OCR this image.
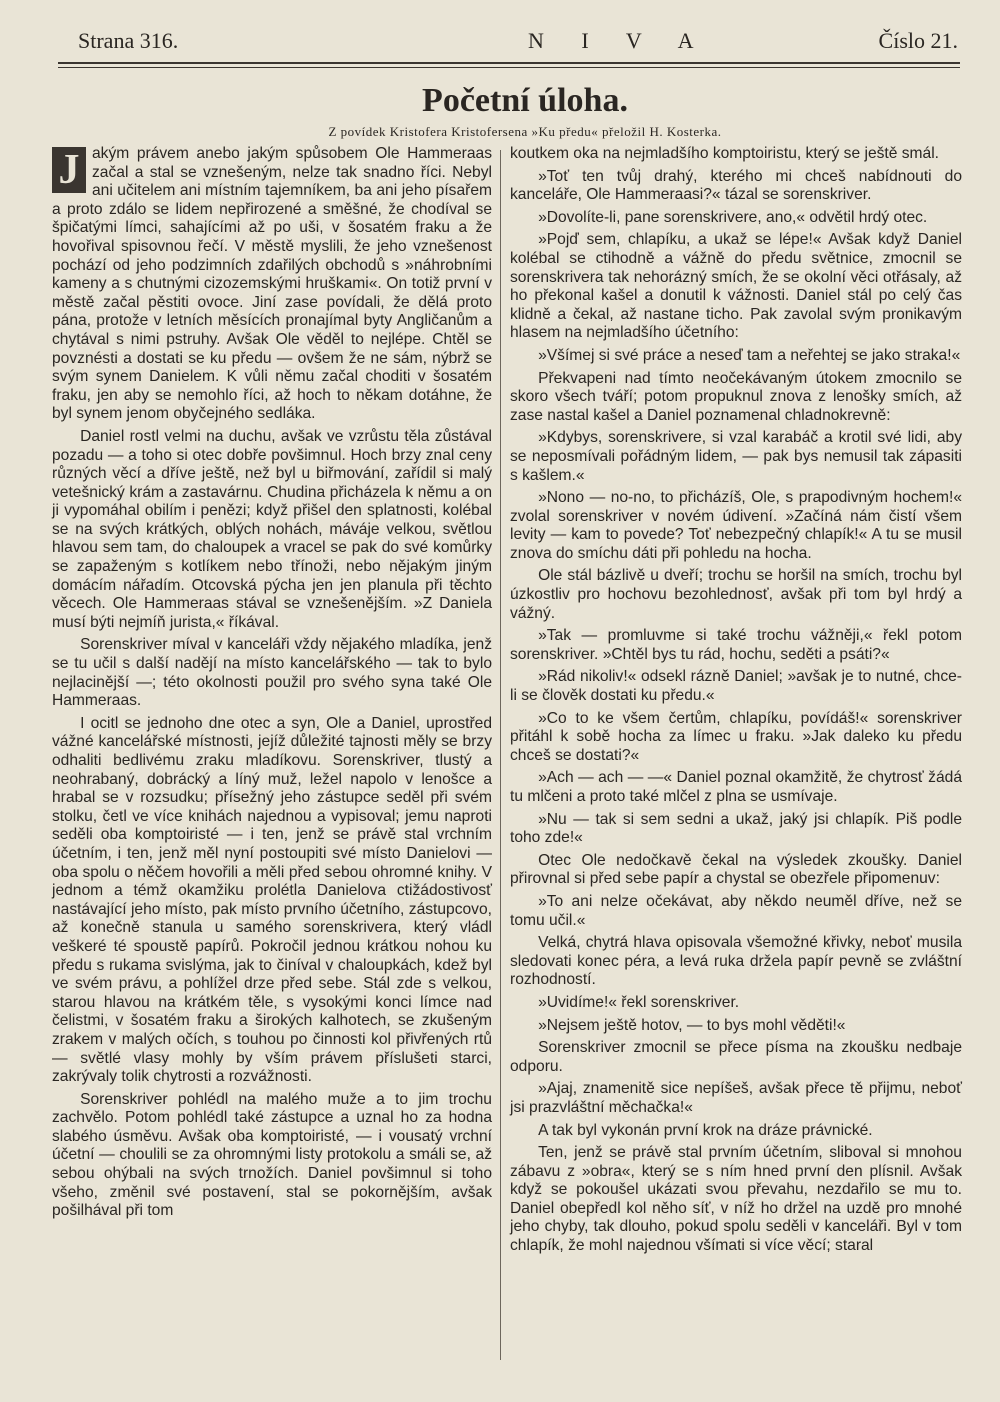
Strana 316.	N I V A	Číslo 21.
Početní úloha.
Z povídek Kristofera Kristofersena »Ku předu« přeložil H. Kosterka.

J akým právem anebo jakým spůsobem Ole Hammeraas začal a stal se vznešeným, nelze tak snadno říci. Nebyl ani učitelem ani místním tajemníkem, ba ani jeho písařem a proto zdálo se lidem nepřirozené a směšné, že chodíval se špičatými límci, sahajícími až po uši, v šosatém fraku a že hovořival spisovnou řečí. V městě myslili, že jeho vznešenost pochází od jeho podzimních zdařilých obchodů s »náhrobními kameny a s chutnými cizozemskými hruškami«. On totiž první v městě začal pěstiti ovoce. Jiní zase povídali, že dělá proto pána, protože v letních měsících pronajímal byty Angličanům a chytával s nimi pstruhy. Avšak Ole věděl to nejlépe. Chtěl se povznésti a dostati se ku předu — ovšem že ne sám, nýbrž se svým synem Danielem. K vůli němu začal choditi v šosatém fraku, jen aby se nemohlo říci, až hoch to někam dotáhne, že byl synem jenom obyčejného sedláka.

Daniel rostl velmi na duchu, avšak ve vzrůstu těla zůstával pozadu — a toho si otec dobře povšimnul. Hoch brzy znal ceny různých věcí a dříve ještě, než byl u biřmování, zařídil si malý vetešnický krám a zastavárnu. Chudina přicházela k němu a on ji vypomáhal obilím i penězi; když přišel den splatnosti, kolébal se na svých krátkých, oblých nohách, máváje velkou, světlou hlavou sem tam, do chaloupek a vracel se pak do své komůrky se zapaženým s kotlíkem nebo třínoži, nebo nějakým jiným domácím nářadím. Otcovská pýcha jen jen planula při těchto věcech. Ole Hammeraas stával se vznešenějším. »Z Daniela musí býti nejmíň jurista,« říkával.

Sorenskriver míval v kanceláři vždy nějakého mladíka, jenž se tu učil s další nadějí na místo kancelářského — tak to bylo nejlacinější —; této okolnosti použil pro svého syna také Ole Hammeraas.

I ocitl se jednoho dne otec a syn, Ole a Daniel, uprostřed vážné kancelářské místnosti, jejíž důležité tajnosti měly se brzy odhaliti bedlivému zraku mladíkovu. Sorenskriver, tlustý a neohrabaný, dobrácký a líný muž, ležel napolo v lenošce a hrabal se v rozsudku; přísežný jeho zástupce seděl při svém stolku, četl ve více knihách najednou a vypisoval; jemu naproti seděli oba komptoiristé — i ten, jenž se právě stal vrchním účetním, i ten, jenž měl nyní postoupiti své místo Danielovi — oba spolu o něčem hovořili a měli před sebou ohromné knihy. V jednom a témž okamžiku prolétla Danielova ctižádostivosť nastávající jeho místo, pak místo prvního účetního, zástupcovo, až konečně stanula u samého sorenskrivera, který vládl veškeré té spoustě papírů. Pokročil jednou krátkou nohou ku předu s rukama svislýma, jak to činíval v chaloupkách, kdež byl ve svém právu, a pohlížel drze před sebe. Stál zde s velkou, starou hlavou na krátkém těle, s vysokými konci límce nad čelistmi, v šosatém fraku a širokých kalhotech, se zkušeným zrakem v malých očích, s touhou po činnosti kol přivřených rtů — světlé vlasy mohly by vším právem příslušeti starci, zakrývaly tolik chytrosti a rozvážnosti.

Sorenskriver pohlédl na malého muže a to jim trochu zachvělo. Potom pohlédl také zástupce a uznal ho za hodna slabého úsměvu. Avšak oba komptoiristé, — i vousatý vrchní účetní — choulili se za ohromnými listy protokolu a smáli se, až sebou ohýbali na svých trnožích. Daniel povšimnul si toho všeho, změnil své postavení, stal se pokornějším, avšak pošilhával při tom

koutkem oka na nejmladšího komptoiristu, který se ještě smál.

»Toť ten tvůj drahý, kterého mi chceš nabídnouti do kanceláře, Ole Hammeraasi?« tázal se sorenskriver.

»Dovolíte-li, pane sorenskrivere, ano,« odvětil hrdý otec.

»Pojď sem, chlapíku, a ukaž se lépe!« Avšak když Daniel kolébal se ctihodně a vážně do předu světnice, zmocnil se sorenskrivera tak nehorázný smích, že se okolní věci otřásaly, až ho překonal kašel a donutil k vážnosti. Daniel stál po celý čas klidně a čekal, až nastane ticho. Pak zavolal svým pronikavým hlasem na nejmladšího účetního:

»Všímej si své práce a neseď tam a neřehtej se jako straka!«

Překvapeni nad tímto neočekávaným útokem zmocnilo se skoro všech tváří; potom propuknul znova z lenošky smích, až zase nastal kašel a Daniel poznamenal chladnokrevně:

»Kdybys, sorenskrivere, si vzal karabáč a krotil své lidi, aby se neposmívali pořádným lidem, — pak bys nemusil tak zápasiti s kašlem.«

»Nono — no-no, to přicházíš, Ole, s prapodivným hochem!« zvolal sorenskriver v novém údivení. »Začíná nám čistí všem levity — kam to povede? Toť nebezpečný chlapík!« A tu se musil znova do smíchu dáti při pohledu na hocha.

Ole stál bázlivě u dveří; trochu se horšil na smích, trochu byl úzkostliv pro hochovu bezohlednosť, avšak při tom byl hrdý a vážný.

»Tak — promluvme si také trochu vážněji,« řekl potom sorenskriver. »Chtěl bys tu rád, hochu, seděti a psáti?«

»Rád nikoliv!« odsekl rázně Daniel; »avšak je to nutné, chce-li se člověk dostati ku předu.«

»Co to ke všem čertům, chlapíku, povídáš!« sorenskriver přitáhl k sobě hocha za límec u fraku. »Jak daleko ku předu chceš se dostati?«

»Ach — ach — —« Daniel poznal okamžitě, že chytrosť žádá tu mlčeni a proto také mlčel z plna se usmívaje.

»Nu — tak si sem sedni a ukaž, jaký jsi chlapík. Piš podle toho zde!«

Otec Ole nedočkavě čekal na výsledek zkoušky. Daniel přirovnal si před sebe papír a chystal se obezřele připomenuv:

»To ani nelze očekávat, aby někdo neuměl dříve, než se tomu učil.«

Velká, chytrá hlava opisovala všemožné křivky, neboť musila sledovati konec péra, a levá ruka držela papír pevně se zvláštní rozhodností.

»Uvidíme!« řekl sorenskriver.

»Nejsem ještě hotov, — to bys mohl věděti!«

Sorenskriver zmocnil se přece písma na zkoušku nedbaje odporu.

»Ajaj, znamenitě sice nepíšeš, avšak přece tě přijmu, neboť jsi prazvláštní měchačka!«

A tak byl vykonán první krok na dráze právnické.

Ten, jenž se právě stal prvním účetním, sliboval si mnohou zábavu z »obra«, který se s ním hned první den plísnil. Avšak když se pokoušel ukázati svou převahu, nezdařilo se mu to. Daniel obepředl kol něho síť, v níž ho držel na uzdě pro mnohé jeho chyby, tak dlouho, pokud spolu seděli v kanceláři. Byl v tom chlapík, že mohl najednou všímati si více věcí; staral
